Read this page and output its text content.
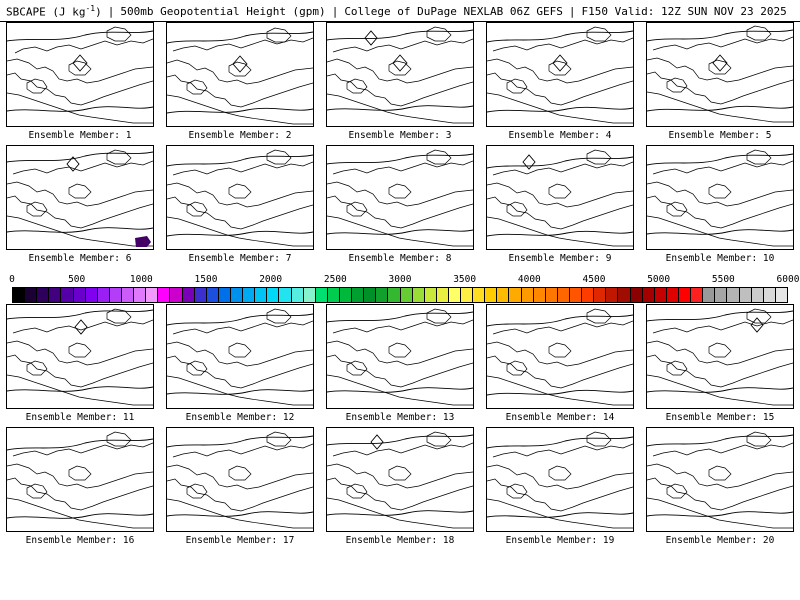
SBCAPE (J $kg^{-1}$) | 500mb Geopotential Height (gpm) | College of DuPage NEXLAB 06Z GEFS | F150 Valid: 12Z SUN NOV 23 2025
Ensemble Member: 1	Ensemble Member: 2	Ensemble Member: 3	Ensemble Member: 4	Ensemble Member: 5
Ensemble Member: 6	Ensemble Member: 7	Ensemble Member: 8	Ensemble Member: 9	Ensemble Member: 10
0	500	1000	1500	2000	2500	3000	3500	4000	4500	5000	5500	6000
Ensemble Member: 11	Ensemble Member: 12	Ensemble Member: 13	Ensemble Member: 14	Ensemble Member: 15
Ensemble Member: 16	Ensemble Member: 17	Ensemble Member: 18	Ensemble Member: 19	Ensemble Member: 20
